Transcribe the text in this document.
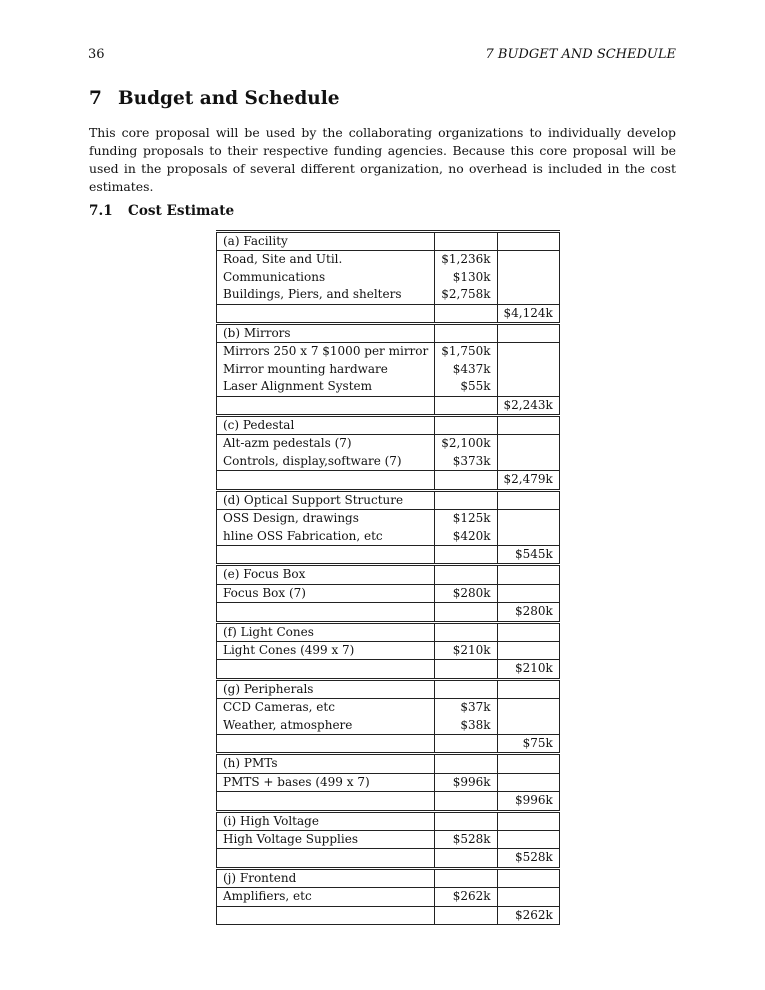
36	7 BUDGET AND SCHEDULE
7 Budget and Schedule

This core proposal will be used by the collaborating organizations to individually develop funding proposals to their respective funding agencies. Because this core proposal will be used in the proposals of several different organization, no overhead is included in the cost estimates.

7.1 Cost Estimate
(a) Facility		
Road, Site and Util.	$1,236k	
Communications	$130k	
Buildings, Piers, and shelters	$2,758k	
		$4,124k
(b) Mirrors		
Mirrors 250 x 7 $1000 per mirror	$1,750k	
Mirror mounting hardware	$437k	
Laser Alignment System	$55k	
		$2,243k
(c) Pedestal		
Alt-azm pedestals (7)	$2,100k	
Controls, display,software (7)	$373k	
		$2,479k
(d) Optical Support Structure		
OSS Design, drawings	$125k	
hline OSS Fabrication, etc	$420k	
		$545k
(e) Focus Box		
Focus Box (7)	$280k	
		$280k
(f) Light Cones		
Light Cones (499 x 7)	$210k	
		$210k
(g) Peripherals		
CCD Cameras, etc	$37k	
Weather, atmosphere	$38k	
		$75k
(h) PMTs		
PMTS + bases (499 x 7)	$996k	
		$996k
(i) High Voltage		
High Voltage Supplies	$528k	
		$528k
(j) Frontend		
Amplifiers, etc	$262k	
		$262k
